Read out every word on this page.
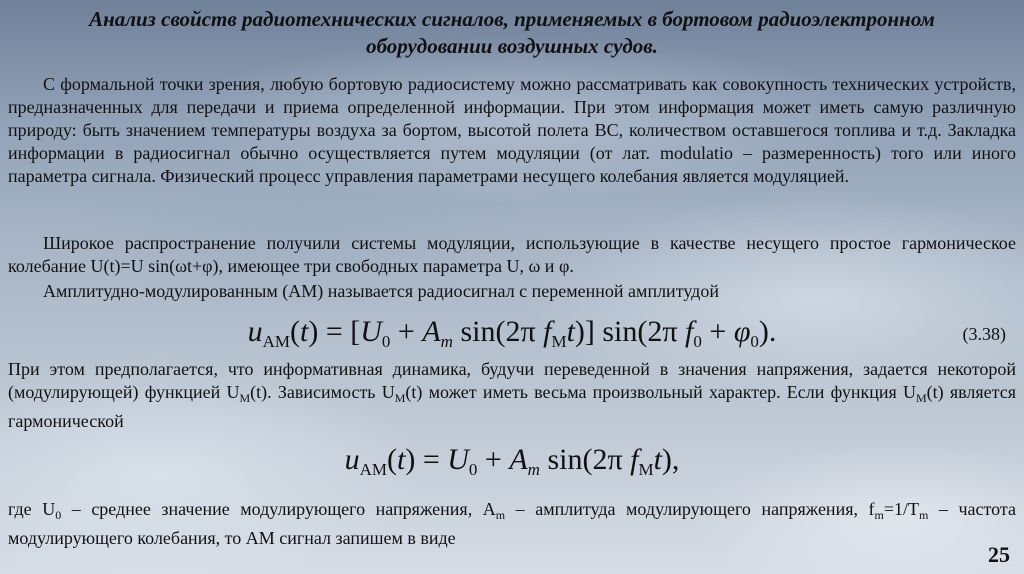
Анализ свойств радиотехнических сигналов, применяемых в бортовом радиоэлектронном оборудовании воздушных судов.

С формальной точки зрения, любую бортовую радиосистему можно рассматривать как совокупность технических устройств, предназначенных для передачи и приема определенной информации. При этом информация может иметь самую различную природу: быть значением температуры воздуха за бортом, высотой полета ВС, количеством оставшегося топлива и т.д. Закладка информации в радиосигнал обычно осуществляется путем модуляции (от лат. modulatio – размеренность) того или иного параметра сигнала. Физический процесс управления параметрами несущего колебания является модуляцией.

Широкое распространение получили системы модуляции, использующие в качестве несущего простое гармоническое колебание U(t)=U sin(ωt+φ), имеющее три свободных параметра U, ω и φ.

Амплитудно-модулированным (АМ) называется радиосигнал с переменной амплитудой

$u_{AM}(t) = [U_0 + A_m$ sin(2π $f_Mt$)] sin(2π $f_0 + \varphi_0$).	(3.38)

При этом предполагается, что информативная динамика, будучи переведенной в значения напряжения, задается некоторой (модулирующей) функцией $U_M(t)$. Зависимость $U_M(t)$ может иметь весьма произвольный характер. Если функция $U_M(t)$ является гармонической

$u_{AM}(t) = U_0 + A_m$ sin(2π $f_Mt$),

где $U_0$ – среднее значение модулирующего напряжения, $A_m$ – амплитуда модулирующего напряжения, $f_m=1/T_m$ – частота модулирующего колебания, то АМ сигнал запишем в виде

25
